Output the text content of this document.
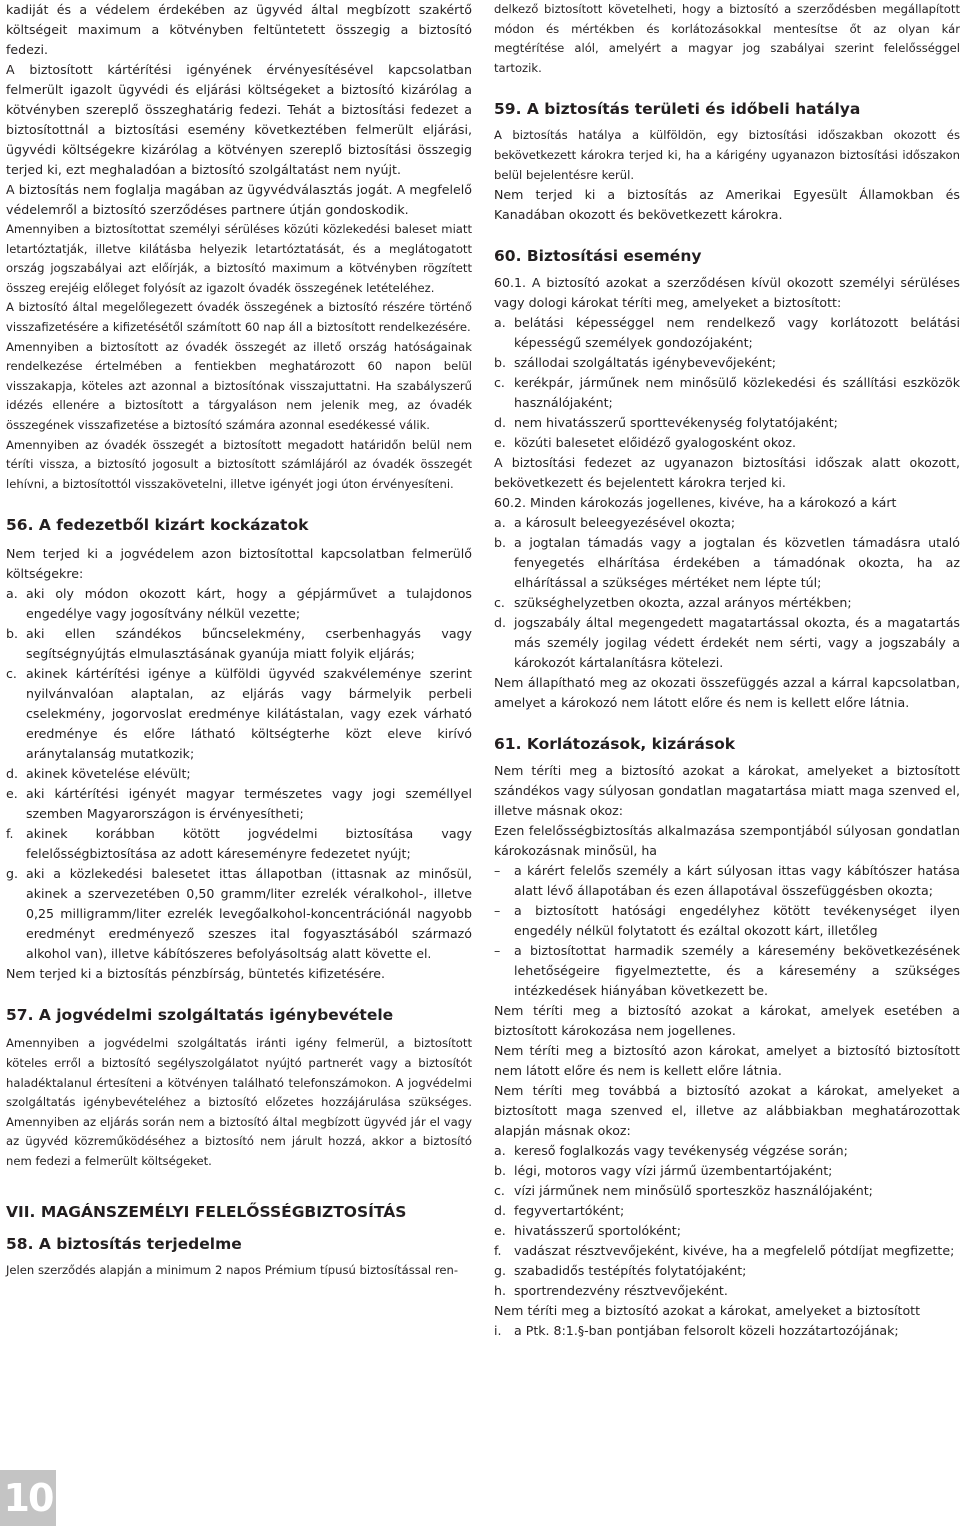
kadiját és a védelem érdekében az ügyvéd által megbízott szakértő költségeit maximum a kötvényben feltüntetett összegig a biztosító fedezi.

A biztosított kártérítési igényének érvényesítésével kapcsolatban felmerült igazolt ügyvédi és eljárási költségeket a biztosító kizárólag a kötvényben szereplő összeghatárig fedezi. Tehát a biztosítási fedezet a biztosítottnál a biztosítási esemény következtében felmerült eljárási, ügyvédi költségekre kizárólag a kötvényen szereplő biztosítási összegig terjed ki, ezt meghaladóan a biztosító szolgáltatást nem nyújt.

A biztosítás nem foglalja magában az ügyvédválasztás jogát. A megfelelő védelemről a biztosító szerződéses partnere útján gondoskodik.

Amennyiben a biztosítottat személyi sérüléses közúti közlekedési baleset miatt letartóztatják, illetve kilátásba helyezik letartóztatását, és a meglátogatott ország jogszabályai azt előírják, a biztosító maximum a kötvényben rögzített összeg erejéig előleget folyósít az igazolt óvadék összegének letételéhez.

A biztosító által megelőlegezett óvadék összegének a biztosító részére történő visszafizetésére a kifizetésétől számított 60 nap áll a biztosított rendelkezésére.

Amennyiben a biztosított az óvadék összegét az illető ország hatóságainak rendelkezése értelmében a fentiekben meghatározott 60 napon belül visszakapja, köteles azt azonnal a biztosítónak visszajuttatni. Ha szabályszerű idézés ellenére a biztosított a tárgyaláson nem jelenik meg, az óvadék összegének visszafizetése a biztosító számára azonnal esedékessé válik.

Amennyiben az óvadék összegét a biztosított megadott határidőn belül nem téríti vissza, a biztosító jogosult a biztosított számlájáról az óvadék összegét lehívni, a biztosítottól visszakövetelni, illetve igényét jogi úton érvényesíteni.

56. A fedezetből kizárt kockázatok

Nem terjed ki a jogvédelem azon biztosítottal kapcsolatban felmerülő költségekre:

a. aki oly módon okozott kárt, hogy a gépjárművet a tulajdonos engedélye vagy jogosítvány nélkül vezette;
b. aki ellen szándékos bűncselekmény, cserbenhagyás vagy segítségnyújtás elmulasztásának gyanúja miatt folyik eljárás;
c. akinek kártérítési igénye a külföldi ügyvéd szakvéleménye szerint nyilvánvalóan alaptalan, az eljárás vagy bármelyik perbeli cselekmény, jogorvoslat eredménye kilátástalan, vagy ezek várható eredménye és előre látható költségterhe közt eleve kirívó aránytalanság mutatkozik;
d. akinek követelése elévült;
e. aki kártérítési igényét magyar természetes vagy jogi személlyel szemben Magyarországon is érvényesítheti;
f. akinek korábban kötött jogvédelmi biztosítása vagy felelősségbiztosítása az adott káreseményre fedezetet nyújt;
g. aki a közlekedési balesetet ittas állapotban (ittasnak az minősül, akinek a szervezetében 0,50 gramm/liter ezrelék véralkohol-, illetve 0,25 milligramm/liter ezrelék levegőalkohol-koncentrációnál nagyobb eredményt eredményező szeszes ital fogyasztásából származó alkohol van), illetve kábítószeres befolyásoltság alatt követte el.

Nem terjed ki a biztosítás pénzbírság, büntetés kifizetésére.

57. A jogvédelmi szolgáltatás igénybevétele

Amennyiben a jogvédelmi szolgáltatás iránti igény felmerül, a biztosított köteles erről a biztosító segélyszolgálatot nyújtó partnerét vagy a biztosítót haladéktalanul értesíteni a kötvényen található telefonszámokon. A jogvédelmi szolgáltatás igénybevételéhez a biztosító előzetes hozzájárulása szükséges. Amennyiben az eljárás során nem a biztosító által megbízott ügyvéd jár el vagy az ügyvéd közreműködéséhez a biztosító nem járult hozzá, akkor a biztosító nem fedezi a felmerült költségeket.

VII. MAGÁNSZEMÉLYI FELELŐSSÉGBIZTOSÍTÁS
58. A biztosítás terjedelme

Jelen szerződés alapján a minimum 2 napos Prémium típusú biztosítással ren-

delkező biztosított követelheti, hogy a biztosító a szerződésben megállapított módon és mértékben és korlátozásokkal mentesítse őt az olyan kár megtérítése alól, amelyért a magyar jog szabályai szerint felelősséggel tartozik.

59. A biztosítás területi és időbeli hatálya

A biztosítás hatálya a külföldön, egy biztosítási időszakban okozott és bekövetkezett károkra terjed ki, ha a kárigény ugyanazon biztosítási időszakon belül bejelentésre kerül.

Nem terjed ki a biztosítás az Amerikai Egyesült Államokban és Kanadában okozott és bekövetkezett károkra.

60. Biztosítási esemény

60.1. A biztosító azokat a szerződésen kívül okozott személyi sérüléses vagy dologi károkat téríti meg, amelyeket a biztosított:

a. belátási képességgel nem rendelkező vagy korlátozott belátási képességű személyek gondozójaként;
b. szállodai szolgáltatás igénybevevőjeként;
c. kerékpár, járműnek nem minősülő közlekedési és szállítási eszközök használójaként;
d. nem hivatásszerű sporttevékenység folytatójaként;
e. közúti balesetet előidéző gyalogosként okoz.

A biztosítási fedezet az ugyanazon biztosítási időszak alatt okozott, bekövetkezett és bejelentett károkra terjed ki.

60.2. Minden károkozás jogellenes, kivéve, ha a károkozó a kárt

a. a károsult beleegyezésével okozta;
b. a jogtalan támadás vagy a jogtalan és közvetlen támadásra utaló fenyegetés elhárítása érdekében a támadónak okozta, ha az elhárítással a szükséges mértéket nem lépte túl;
c. szükséghelyzetben okozta, azzal arányos mértékben;
d. jogszabály által megengedett magatartással okozta, és a magatartás más személy jogilag védett érdekét nem sérti, vagy a jogszabály a károkozót kártalanításra kötelezi.

Nem állapítható meg az okozati összefüggés azzal a kárral kapcsolatban, amelyet a károkozó nem látott előre és nem is kellett előre látnia.

61. Korlátozások, kizárások

Nem téríti meg a biztosító azokat a károkat, amelyeket a biztosított szándékos vagy súlyosan gondatlan magatartása miatt maga szenved el, illetve másnak okoz:

Ezen felelősségbiztosítás alkalmazása szempontjából súlyosan gondatlan károkozásnak minősül, ha

–	a kárért felelős személy a kárt súlyosan ittas vagy kábítószer hatása alatt lévő állapotában és ezen állapotával összefüggésben okozta;
–	a biztosított hatósági engedélyhez kötött tevékenységet ilyen engedély nélkül folytatott és ezáltal okozott kárt, illetőleg
–	a biztosítottat harmadik személy a káresemény bekövetkezésének lehetőségeire figyelmeztette, és a káresemény a szükséges intézkedések hiányában következett be.

Nem téríti meg a biztosító azokat a károkat, amelyek esetében a biztosított károkozása nem jogellenes.

Nem téríti meg a biztosító azon károkat, amelyet a biztosító biztosított nem látott előre és nem is kellett előre látnia.

Nem téríti meg továbbá a biztosító azokat a károkat, amelyeket a biztosított maga szenved el, illetve az alábbiakban meghatározottak alapján másnak okoz:

a. kereső foglalkozás vagy tevékenység végzése során;
b. légi, motoros vagy vízi jármű üzembentartójaként;
c. vízi járműnek nem minősülő sporteszköz használójaként;
d. fegyvertartóként;
e. hivatásszerű sportolóként;
f. vadászat résztvevőjeként, kivéve, ha a megfelelő pótdíjat megfizette;
g. szabadidős testépítés folytatójaként;
h. sportrendezvény résztvevőjeként.

Nem téríti meg a biztosító azokat a károkat, amelyeket a biztosított

i. a Ptk. 8:1.§-ban pontjában felsorolt közeli hozzátartozójának;
10
